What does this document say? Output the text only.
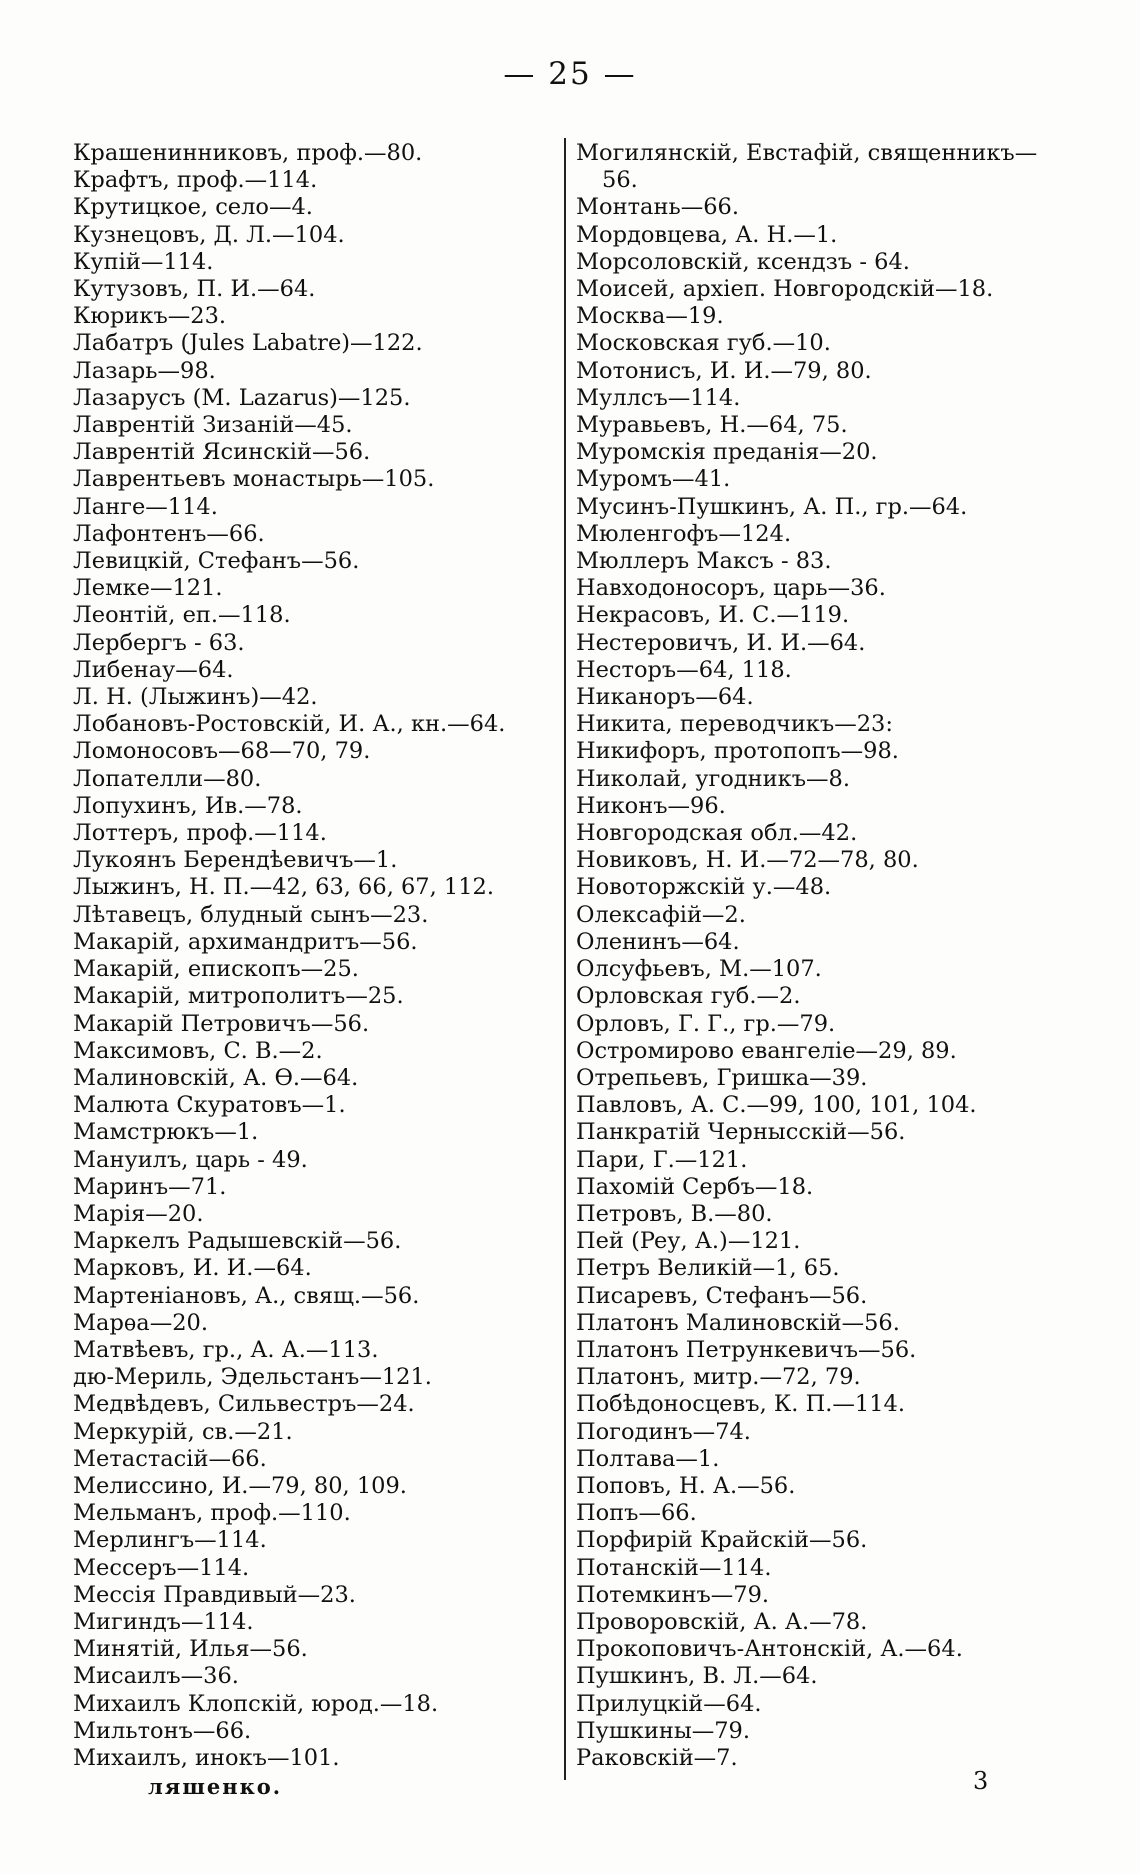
— 25 —
Крашенинниковъ, проф.—80.
Крафтъ, проф.—114.
Крутицкое, село—4.
Кузнецовъ, Д. Л.—104.
Купій—114.
Кутузовъ, П. И.—64.
Кюрикъ—23.
Лабатръ (Jules Labatre)—122.
Лазарь—98.
Лазарусъ (M. Lazarus)—125.
Лаврентій Зизаній—45.
Лаврентій Ясинскій—56.
Лаврентьевъ монастырь—105.
Ланге—114.
Лафонтенъ—66.
Левицкій, Стефанъ—56.
Лемке—121.
Леонтій, еп.—118.
Лербергъ - 63.
Либенау—64.
Л. Н. (Лыжинъ)—42.
Лобановъ-Ростовскій, И. А., кн.—64.
Ломоносовъ—68—70, 79.
Лопателли—80.
Лопухинъ, Ив.—78.
Лоттеръ, проф.—114.
Лукоянъ Берендѣевичъ—1.
Лыжинъ, Н. П.—42, 63, 66, 67, 112.
Лѣтавецъ, блудный сынъ—23.
Макарій, архимандритъ—56.
Макарій, епископъ—25.
Макарій, митрополитъ—25.
Макарій Петровичъ—56.
Максимовъ, С. В.—2.
Малиновскій, А. Ѳ.—64.
Малюта Скуратовъ—1.
Мамстрюкъ—1.
Мануилъ, царь - 49.
Маринъ—71.
Марія—20.
Маркелъ Радышевскій—56.
Марковъ, И. И.—64.
Мартеніановъ, А., свящ.—56.
Марѳа—20.
Матвѣевъ, гр., А. А.—113.
дю-Мериль, Эдельстанъ—121.
Медвѣдевъ, Сильвестръ—24.
Меркурій, св.—21.
Метастасій—66.
Мелиссино, И.—79, 80, 109.
Мельманъ, проф.—110.
Мерлингъ—114.
Мессеръ—114.
Мессія Правдивый—23.
Мигиндъ—114.
Минятій, Илья—56.
Мисаилъ—36.
Михаилъ Клопскій, юрод.—18.
Мильтонъ—66.
Михаилъ, инокъ—101.
Могилянскій, Евстафій, священникъ—
56.
Монтань—66.
Мордовцева, А. Н.—1.
Морсоловскій, ксендзъ - 64.
Моисей, архіеп. Новгородскій—18.
Москва—19.
Московская губ.—10.
Мотонисъ, И. И.—79, 80.
Муллсъ—114.
Муравьевъ, Н.—64, 75.
Муромскія преданія—20.
Муромъ—41.
Мусинъ-Пушкинъ, А. П., гр.—64.
Мюленгофъ—124.
Мюллеръ Максъ - 83.
Навходоносоръ, царь—36.
Некрасовъ, И. С.—119.
Нестеровичъ, И. И.—64.
Несторъ—64, 118.
Никаноръ—64.
Никита, переводчикъ—23:
Никифоръ, протопопъ—98.
Николай, угодникъ—8.
Никонъ—96.
Новгородская обл.—42.
Новиковъ, Н. И.—72—78, 80.
Новоторжскій у.—48.
Олексафій—2.
Оленинъ—64.
Олсуфьевъ, М.—107.
Орловская губ.—2.
Орловъ, Г. Г., гр.—79.
Остромирово евангеліе—29, 89.
Отрепьевъ, Гришка—39.
Павловъ, А. С.—99, 100, 101, 104.
Панкратій Чернысскій—56.
Пари, Г.—121.
Пахомій Сербъ—18.
Петровъ, В.—80.
Пей (Peу, А.)—121.
Петръ Великій—1, 65.
Писаревъ, Стефанъ—56.
Платонъ Малиновскій—56.
Платонъ Петрункевичъ—56.
Платонъ, митр.—72, 79.
Побѣдоносцевъ, К. П.—114.
Погодинъ—74.
Полтава—1.
Поповъ, Н. А.—56.
Попъ—66.
Порфирій Крайскій—56.
Потанскій—114.
Потемкинъ—79.
Проворовскій, А. А.—78.
Прокоповичъ-Антонскій, А.—64.
Пушкинъ, В. Л.—64.
Прилуцкій—64.
Пушкины—79.
Раковскій—7.
ляшенко.	3
